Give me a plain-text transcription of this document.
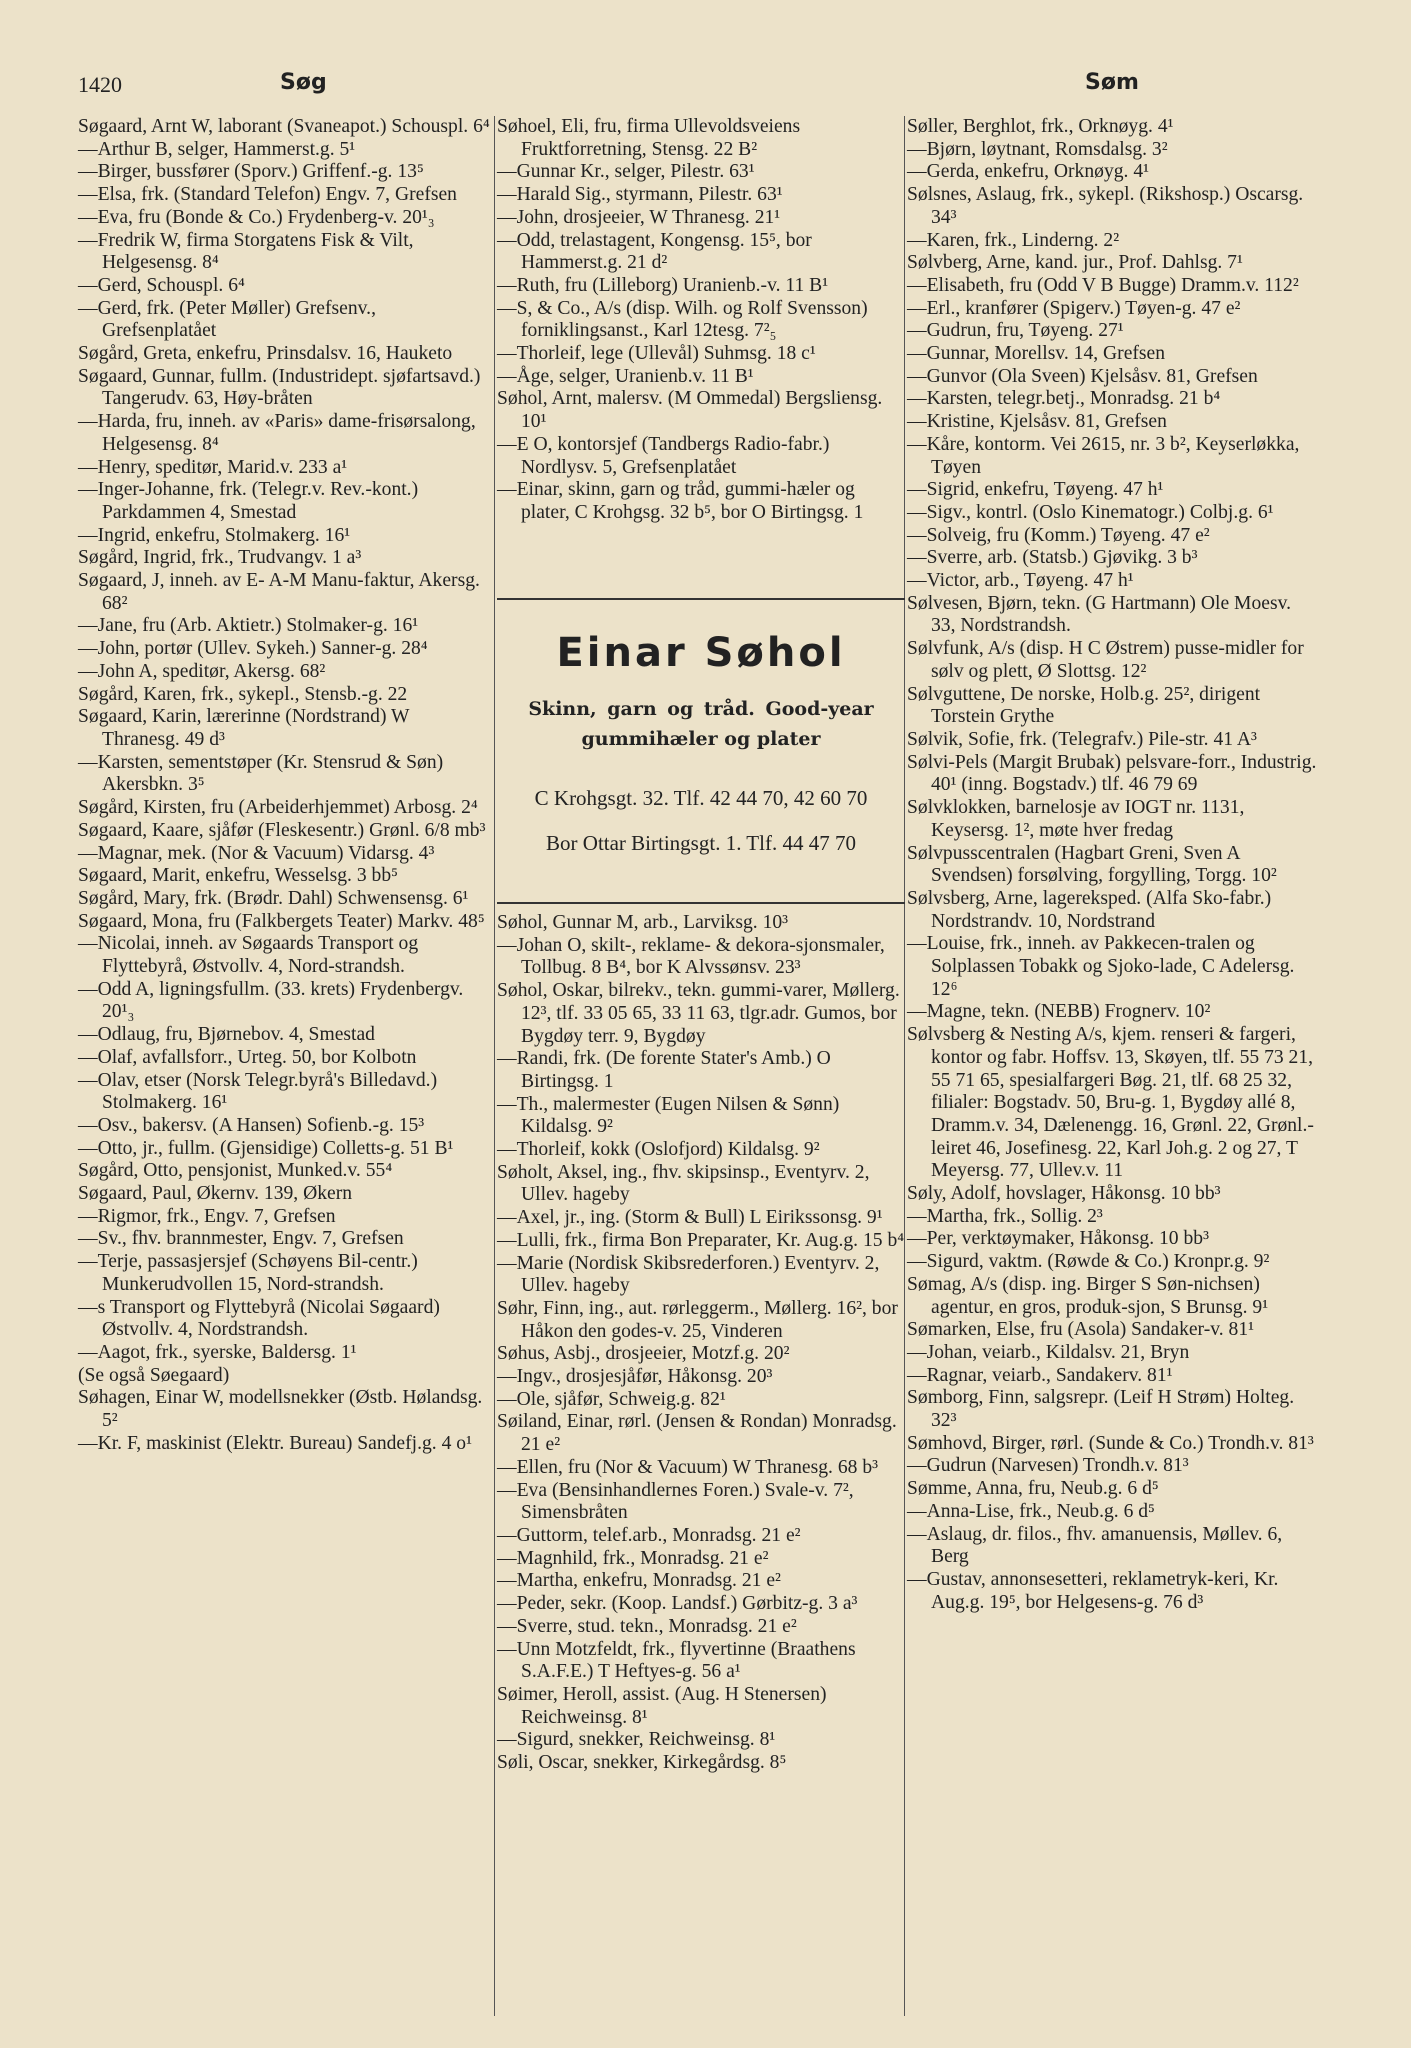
1420	Søg	Søm

Søgaard, Arnt W, laborant (Svaneapot.) Schouspl. 6⁴

—Arthur B, selger, Hammerst.g. 5¹

—Birger, bussfører (Sporv.) Griffenf.-g. 13⁵

—Elsa, frk. (Standard Telefon) Engv. 7, Grefsen

—Eva, fru (Bonde & Co.) Frydenberg-v. 20¹₃

—Fredrik W, firma Storgatens Fisk & Vilt, Helgesensg. 8⁴

—Gerd, Schouspl. 6⁴

—Gerd, frk. (Peter Møller) Grefsenv., Grefsenplatået

Søgård, Greta, enkefru, Prinsdalsv. 16, Hauketo

Søgaard, Gunnar, fullm. (Industridept. sjøfartsavd.) Tangerudv. 63, Høy-bråten

—Harda, fru, inneh. av «Paris» dame-frisørsalong, Helgesensg. 8⁴

—Henry, speditør, Marid.v. 233 a¹

—Inger-Johanne, frk. (Telegr.v. Rev.-kont.) Parkdammen 4, Smestad

—Ingrid, enkefru, Stolmakerg. 16¹

Søgård, Ingrid, frk., Trudvangv. 1 a³

Søgaard, J, inneh. av E- A-M Manu-faktur, Akersg. 68²

—Jane, fru (Arb. Aktietr.) Stolmaker-g. 16¹

—John, portør (Ullev. Sykeh.) Sanner-g. 28⁴

—John A, speditør, Akersg. 68²

Søgård, Karen, frk., sykepl., Stensb.-g. 22

Søgaard, Karin, lærerinne (Nordstrand) W Thranesg. 49 d³

—Karsten, sementstøper (Kr. Stensrud & Søn) Akersbkn. 3⁵

Søgård, Kirsten, fru (Arbeiderhjemmet) Arbosg. 2⁴

Søgaard, Kaare, sjåfør (Fleskesentr.) Grønl. 6/8 mb³

—Magnar, mek. (Nor & Vacuum) Vidarsg. 4³

Søgaard, Marit, enkefru, Wesselsg. 3 bb⁵

Søgård, Mary, frk. (Brødr. Dahl) Schwensensg. 6¹

Søgaard, Mona, fru (Falkbergets Teater) Markv. 48⁵

—Nicolai, inneh. av Søgaards Transport og Flyttebyrå, Østvollv. 4, Nord-strandsh.

—Odd A, ligningsfullm. (33. krets) Frydenbergv. 20¹₃

—Odlaug, fru, Bjørnebov. 4, Smestad

—Olaf, avfallsforr., Urteg. 50, bor Kolbotn

—Olav, etser (Norsk Telegr.byrå's Billedavd.) Stolmakerg. 16¹

—Osv., bakersv. (A Hansen) Sofienb.-g. 15³

—Otto, jr., fullm. (Gjensidige) Colletts-g. 51 B¹

Søgård, Otto, pensjonist, Munked.v. 55⁴

Søgaard, Paul, Økernv. 139, Økern

—Rigmor, frk., Engv. 7, Grefsen

—Sv., fhv. brannmester, Engv. 7, Grefsen

—Terje, passasjersjef (Schøyens Bil-centr.) Munkerudvollen 15, Nord-strandsh.

—s Transport og Flyttebyrå (Nicolai Søgaard) Østvollv. 4, Nordstrandsh.

—Aagot, frk., syerske, Baldersg. 1¹

(Se også Søegaard)

Søhagen, Einar W, modellsnekker (Østb. Hølandsg. 5²

—Kr. F, maskinist (Elektr. Bureau) Sandefj.g. 4 o¹

Søhoel, Eli, fru, firma Ullevoldsveiens Fruktforretning, Stensg. 22 B²

—Gunnar Kr., selger, Pilestr. 63¹

—Harald Sig., styrmann, Pilestr. 63¹

—John, drosjeeier, W Thranesg. 21¹

—Odd, trelastagent, Kongensg. 15⁵, bor Hammerst.g. 21 d²

—Ruth, fru (Lilleborg) Uranienb.-v. 11 B¹

—S, & Co., A/s (disp. Wilh. og Rolf Svensson) forniklingsanst., Karl 12tesg. 7²₅

—Thorleif, lege (Ullevål) Suhmsg. 18 c¹

—Åge, selger, Uranienb.v. 11 B¹

Søhol, Arnt, malersv. (M Ommedal) Bergsliensg. 10¹

—E O, kontorsjef (Tandbergs Radio-fabr.) Nordlysv. 5, Grefsenplatået

—Einar, skinn, garn og tråd, gummi-hæler og plater, C Krohgsg. 32 b⁵, bor O Birtingsg. 1

Einar Søhol
Skinn, garn og tråd. Good-year
gummihæler og plater
C Krohgsgt. 32. Tlf. 42 44 70, 42 60 70
Bor Ottar Birtingsgt. 1. Tlf. 44 47 70

Søhol, Gunnar M, arb., Larviksg. 10³

—Johan O, skilt-, reklame- & dekora-sjonsmaler, Tollbug. 8 B⁴, bor K Alvssønsv. 23³

Søhol, Oskar, bilrekv., tekn. gummi-varer, Møllerg. 12³, tlf. 33 05 65, 33 11 63, tlgr.adr. Gumos, bor Bygdøy terr. 9, Bygdøy

—Randi, frk. (De forente Stater's Amb.) O Birtingsg. 1

—Th., malermester (Eugen Nilsen & Sønn) Kildalsg. 9²

—Thorleif, kokk (Oslofjord) Kildalsg. 9²

Søholt, Aksel, ing., fhv. skipsinsp., Eventyrv. 2, Ullev. hageby

—Axel, jr., ing. (Storm & Bull) L Eirikssonsg. 9¹

—Lulli, frk., firma Bon Preparater, Kr. Aug.g. 15 b⁴

—Marie (Nordisk Skibsrederforen.) Eventyrv. 2, Ullev. hageby

Søhr, Finn, ing., aut. rørleggerm., Møllerg. 16², bor Håkon den godes-v. 25, Vinderen

Søhus, Asbj., drosjeeier, Motzf.g. 20²

—Ingv., drosjesjåfør, Håkonsg. 20³

—Ole, sjåfør, Schweig.g. 82¹

Søiland, Einar, rørl. (Jensen & Rondan) Monradsg. 21 e²

—Ellen, fru (Nor & Vacuum) W Thranesg. 68 b³

—Eva (Bensinhandlernes Foren.) Svale-v. 7², Simensbråten

—Guttorm, telef.arb., Monradsg. 21 e²

—Magnhild, frk., Monradsg. 21 e²

—Martha, enkefru, Monradsg. 21 e²

—Peder, sekr. (Koop. Landsf.) Gørbitz-g. 3 a³

—Sverre, stud. tekn., Monradsg. 21 e²

—Unn Motzfeldt, frk., flyvertinne (Braathens S.A.F.E.) T Heftyes-g. 56 a¹

Søimer, Heroll, assist. (Aug. H Stenersen) Reichweinsg. 8¹

—Sigurd, snekker, Reichweinsg. 8¹

Søli, Oscar, snekker, Kirkegårdsg. 8⁵

Søller, Berghlot, frk., Orknøyg. 4¹

—Bjørn, løytnant, Romsdalsg. 3²

—Gerda, enkefru, Orknøyg. 4¹

Sølsnes, Aslaug, frk., sykepl. (Rikshosp.) Oscarsg. 34³

—Karen, frk., Linderng. 2²

Sølvberg, Arne, kand. jur., Prof. Dahlsg. 7¹

—Elisabeth, fru (Odd V B Bugge) Dramm.v. 112²

—Erl., kranfører (Spigerv.) Tøyen-g. 47 e²

—Gudrun, fru, Tøyeng. 27¹

—Gunnar, Morellsv. 14, Grefsen

—Gunvor (Ola Sveen) Kjelsåsv. 81, Grefsen

—Karsten, telegr.betj., Monradsg. 21 b⁴

—Kristine, Kjelsåsv. 81, Grefsen

—Kåre, kontorm. Vei 2615, nr. 3 b², Keyserløkka, Tøyen

—Sigrid, enkefru, Tøyeng. 47 h¹

—Sigv., kontrl. (Oslo Kinematogr.) Colbj.g. 6¹

—Solveig, fru (Komm.) Tøyeng. 47 e²

—Sverre, arb. (Statsb.) Gjøvikg. 3 b³

—Victor, arb., Tøyeng. 47 h¹

Sølvesen, Bjørn, tekn. (G Hartmann) Ole Moesv. 33, Nordstrandsh.

Sølvfunk, A/s (disp. H C Østrem) pusse-midler for sølv og plett, Ø Slottsg. 12²

Sølvguttene, De norske, Holb.g. 25², dirigent Torstein Grythe

Sølvik, Sofie, frk. (Telegrafv.) Pile-str. 41 A³

Sølvi-Pels (Margit Brubak) pelsvare-forr., Industrig. 40¹ (inng. Bogstadv.) tlf. 46 79 69

Sølvklokken, barnelosje av IOGT nr. 1131, Keysersg. 1², møte hver fredag

Sølvpusscentralen (Hagbart Greni, Sven A Svendsen) forsølving, forgylling, Torgg. 10²

Sølvsberg, Arne, lagereksped. (Alfa Sko-fabr.) Nordstrandv. 10, Nordstrand

—Louise, frk., inneh. av Pakkecen-tralen og Solplassen Tobakk og Sjoko-lade, C Adelersg. 12⁶

—Magne, tekn. (NEBB) Frognerv. 10²

Sølvsberg & Nesting A/s, kjem. renseri & fargeri, kontor og fabr. Hoffsv. 13, Skøyen, tlf. 55 73 21, 55 71 65, spesialfargeri Bøg. 21, tlf. 68 25 32, filialer: Bogstadv. 50, Bru-g. 1, Bygdøy allé 8, Dramm.v. 34, Dælenengg. 16, Grønl. 22, Grønl.-leiret 46, Josefinesg. 22, Karl Joh.g. 2 og 27, T Meyersg. 77, Ullev.v. 11

Søly, Adolf, hovslager, Håkonsg. 10 bb³

—Martha, frk., Sollig. 2³

—Per, verktøymaker, Håkonsg. 10 bb³

—Sigurd, vaktm. (Røwde & Co.) Kronpr.g. 9²

Sømag, A/s (disp. ing. Birger S Søn-nichsen) agentur, en gros, produk-sjon, S Brunsg. 9¹

Sømarken, Else, fru (Asola) Sandaker-v. 81¹

—Johan, veiarb., Kildalsv. 21, Bryn

—Ragnar, veiarb., Sandakerv. 81¹

Sømborg, Finn, salgsrepr. (Leif H Strøm) Holteg. 32³

Sømhovd, Birger, rørl. (Sunde & Co.) Trondh.v. 81³

—Gudrun (Narvesen) Trondh.v. 81³

Sømme, Anna, fru, Neub.g. 6 d⁵

—Anna-Lise, frk., Neub.g. 6 d⁵

—Aslaug, dr. filos., fhv. amanuensis, Møllev. 6, Berg

—Gustav, annonsesetteri, reklametryk-keri, Kr. Aug.g. 19⁵, bor Helgesens-g. 76 d³
